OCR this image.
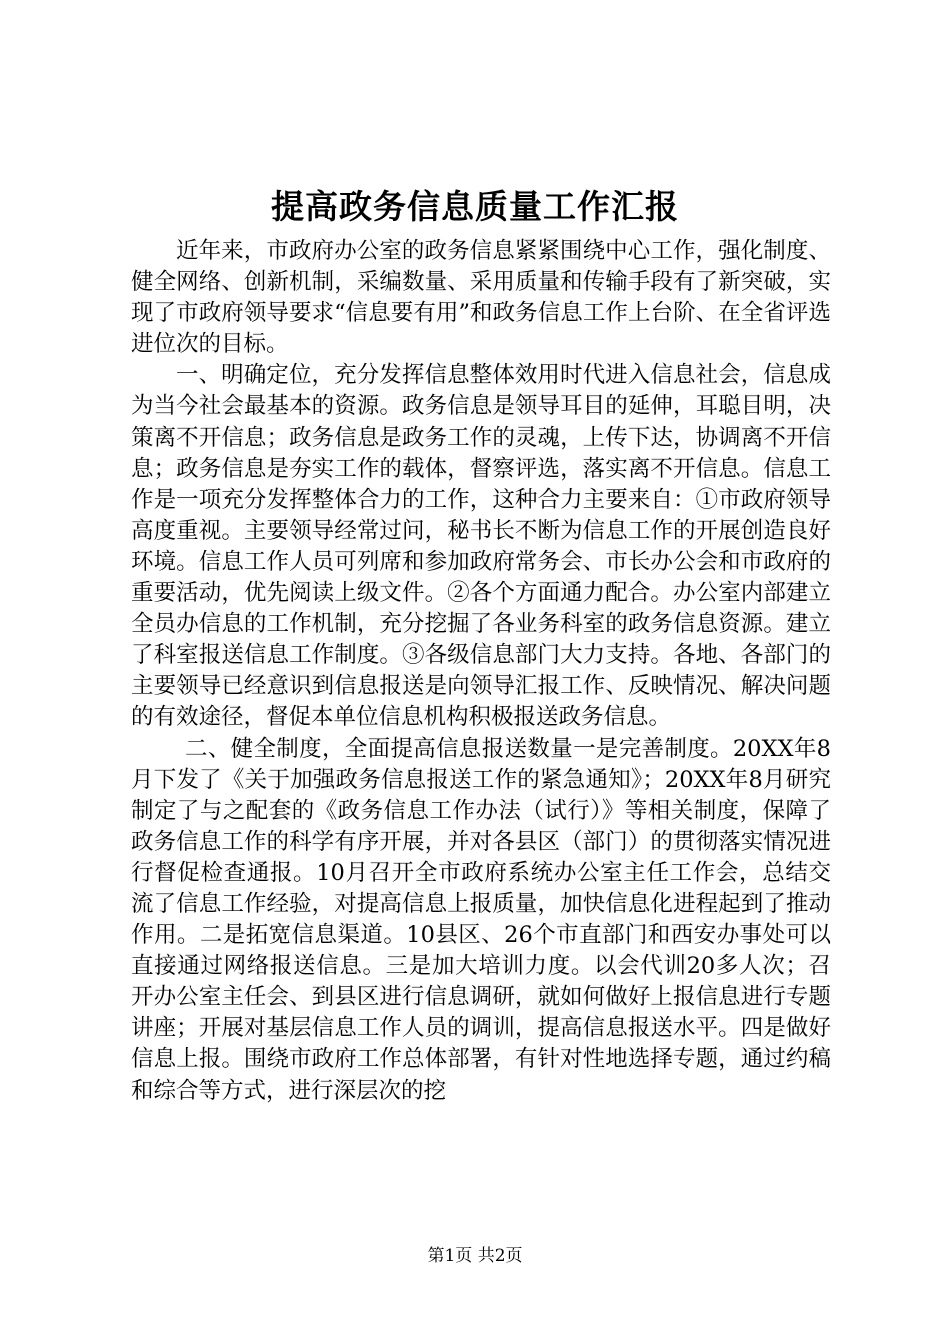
提高政务信息质量工作汇报

近年来，市政府办公室的政务信息紧紧围绕中心工作，强化制度、健全网络、创新机制，采编数量、采用质量和传输手段有了新突破，实现了市政府领导要求“信息要有用”和政务信息工作上台阶、在全省评选进位次的目标。

一、明确定位，充分发挥信息整体效用时代进入信息社会，信息成为当今社会最基本的资源。政务信息是领导耳目的延伸，耳聪目明，决策离不开信息；政务信息是政务工作的灵魂，上传下达，协调离不开信息；政务信息是夯实工作的载体，督察评选，落实离不开信息。信息工作是一项充分发挥整体合力的工作，这种合力主要来自：①市政府领导高度重视。主要领导经常过问，秘书长不断为信息工作的开展创造良好环境。信息工作人员可列席和参加政府常务会、市长办公会和市政府的重要活动，优先阅读上级文件。②各个方面通力配合。办公室内部建立全员办信息的工作机制，充分挖掘了各业务科室的政务信息资源。建立了科室报送信息工作制度。③各级信息部门大力支持。各地、各部门的主要领导已经意识到信息报送是向领导汇报工作、反映情况、解决问题的有效途径，督促本单位信息机构积极报送政务信息。

二、健全制度，全面提高信息报送数量一是完善制度。20XX年8月下发了《关于加强政务信息报送工作的紧急通知》；20XX年8月研究制定了与之配套的《政务信息工作办法（试行）》等相关制度，保障了政务信息工作的科学有序开展，并对各县区（部门）的贯彻落实情况进行督促检查通报。10月召开全市政府系统办公室主任工作会，总结交流了信息工作经验，对提高信息上报质量，加快信息化进程起到了推动作用。二是拓宽信息渠道。10县区、26个市直部门和西安办事处可以直接通过网络报送信息。三是加大培训力度。以会代训20多人次；召开办公室主任会、到县区进行信息调研，就如何做好上报信息进行专题讲座；开展对基层信息工作人员的调训，提高信息报送水平。四是做好信息上报。围绕市政府工作总体部署，有针对性地选择专题，通过约稿和综合等方式，进行深层次的挖

第1页 共2页
